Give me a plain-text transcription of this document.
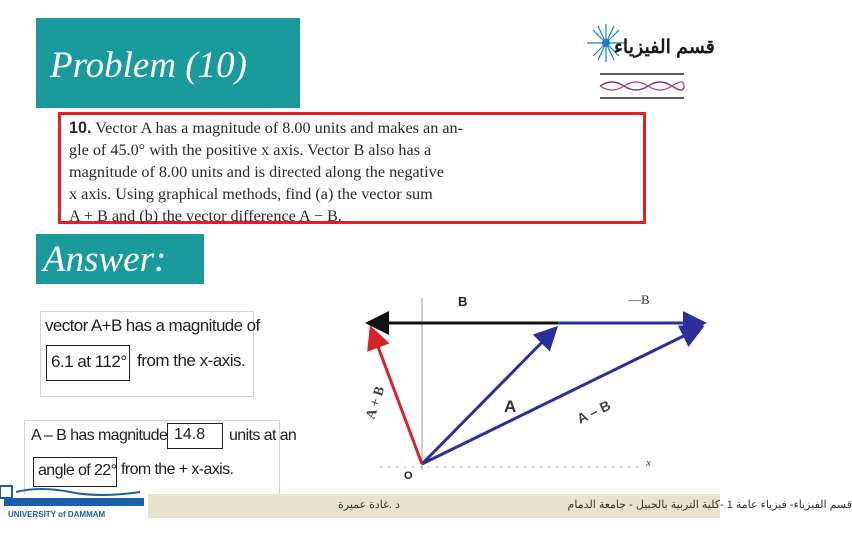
Problem (10)	قسم الفيزياء
10. Vector A has a magnitude of 8.00 units and makes an an-
gle of 45.0° with the positive x axis. Vector B also has a
magnitude of 8.00 units and is directed along the negative
x axis. Using graphical methods, find (a) the vector sum
A + B and (b) the vector difference A − B.
Answer:
vector A+B has a magnitude of
6.1 at 112° from the x-axis.
A – B has magnitude 14.8 units at an
angle of 22° from the + x-axis.
B	—B
A
A + B	A – B
O
x
د .غادة عميرة	قسم الفيزياء- فيزياء عامة 1 -كلية التربية بالجبيل - جامعة الدمام
UNIVERSITY of DAMMAM
